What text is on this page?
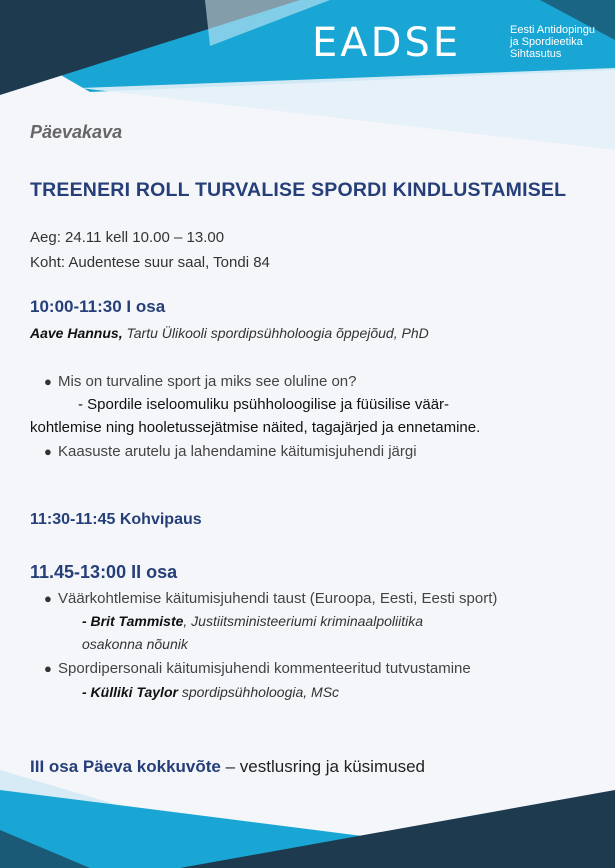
EADSE	Eesti Antidopingu
ja Spordieetika
Sihtasutus
Päevakava
TREENERI ROLL TURVALISE SPORDI KINDLUSTAMISEL
Aeg: 24.11 kell 10.00 – 13.00
Koht: Audentese suur saal, Tondi 84
10:00-11:30 I osa
Aave Hannus, Tartu Ülikooli spordipsühholoogia õppejõud, PhD
● Mis on turvaline sport ja miks see oluline on?
- Spordile iseloomuliku psühholoogilise ja füüsilise väär-
kohtlemise ning hooletussejätmise näited, tagajärjed ja ennetamine.
● Kaasuste arutelu ja lahendamine käitumisjuhendi järgi
11:30-11:45 Kohvipaus
11.45-13:00 II osa
● Väärkohtlemise käitumisjuhendi taust (Euroopa, Eesti, Eesti sport)
- Brit Tammiste, Justiitsministeeriumi kriminaalpoliitika
osakonna nõunik
● Spordipersonali käitumisjuhendi kommenteeritud tutvustamine
- Külliki Taylor spordipsühholoogia, MSc
III osa Päeva kokkuvõte – vestlusring ja küsimused
